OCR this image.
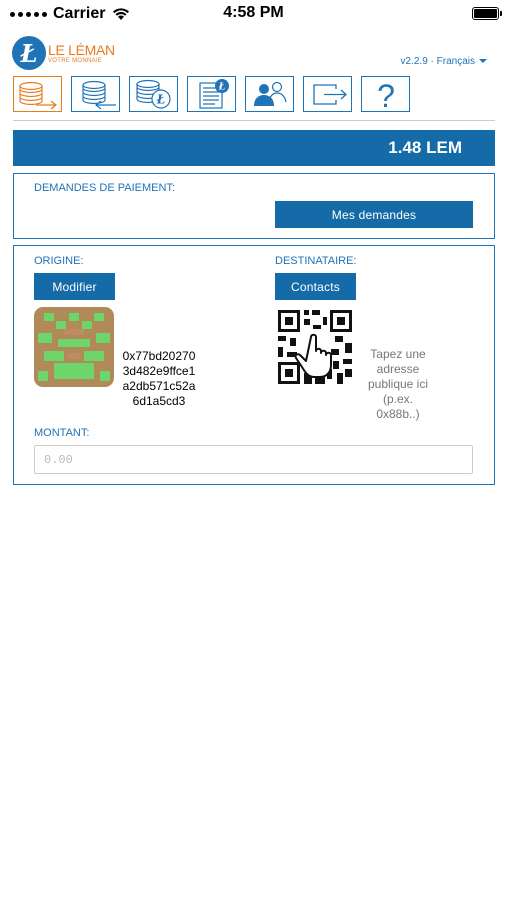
Carrier	4:58 PM
Ł LE LÉMAN
VOTRE MONNAIE	v2.2.9 · Français
Ł
Ł	?
1.48 LEM
DEMANDES DE PAIEMENT:
Mes demandes
ORIGINE:
Modifier
0x77bd202703d482e9ffce1a2db571c52a6d1a5cd3
DESTINATAIRE:
Contacts
Tapez une adresse publique ici (p.ex. 0x88b..)
MONTANT:
0.00
